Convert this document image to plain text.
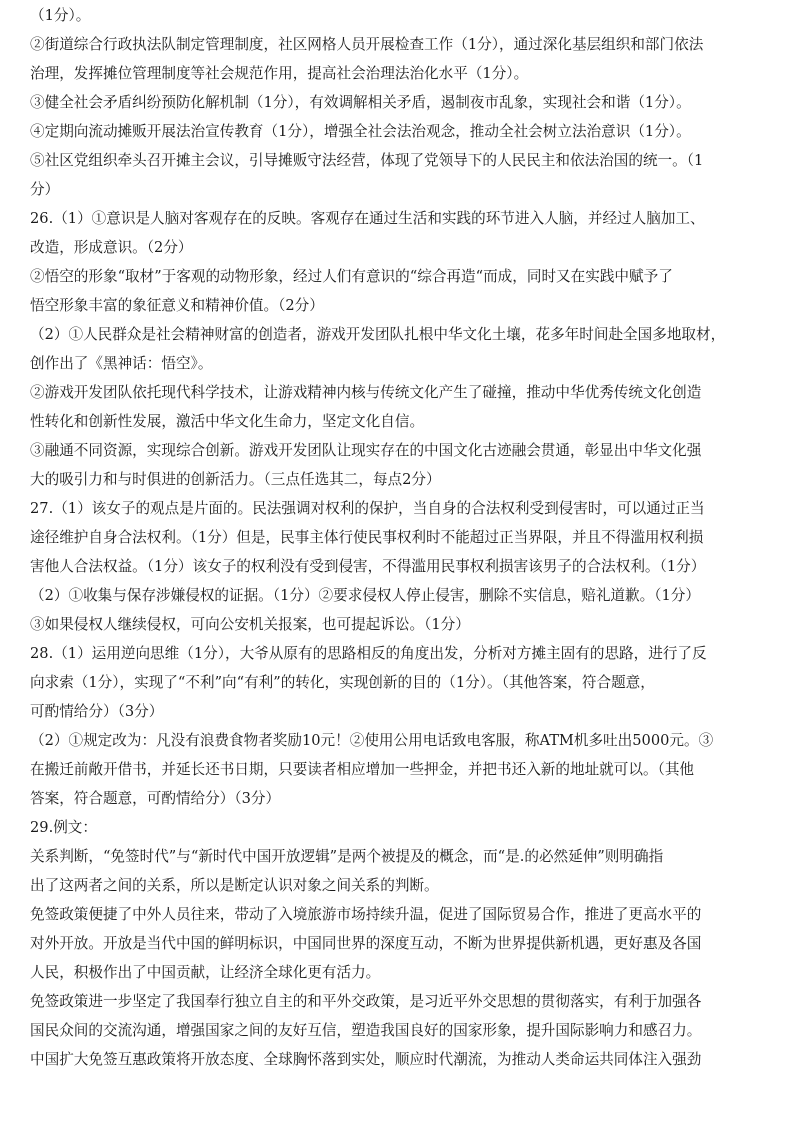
（1分）。
②街道综合行政执法队制定管理制度，社区网格人员开展检查工作（1分），通过深化基层组织和部门依法
治理，发挥摊位管理制度等社会规范作用，提高社会治理法治化水平（1分）。
③健全社会矛盾纠纷预防化解机制（1分），有效调解相关矛盾，遏制夜市乱象，实现社会和谐（1分）。
④定期向流动摊贩开展法治宣传教育（1分），增强全社会法治观念，推动全社会树立法治意识（1分）。
⑤社区党组织牵头召开摊主会议，引导摊贩守法经营，体现了党领导下的人民民主和依法治国的统一。（1
分）
26.（1）①意识是人脑对客观存在的反映。客观存在通过生活和实践的环节进入人脑，并经过人脑加工、
改造，形成意识。（2分）
②悟空的形象“取材”于客观的动物形象，经过人们有意识的“综合再造“而成，同时又在实践中赋予了
悟空形象丰富的象征意义和精神价值。（2分）
（2）①人民群众是社会精神财富的创造者，游戏开发团队扎根中华文化土壤，花多年时间赴全国多地取材，
创作出了《黑神话：悟空》。
②游戏开发团队依托现代科学技术，让游戏精神内核与传统文化产生了碰撞，推动中华优秀传统文化创造
性转化和创新性发展，激活中华文化生命力，坚定文化自信。
③融通不同资源，实现综合创新。游戏开发团队让现实存在的中国文化古迹融会贯通，彰显出中华文化强
大的吸引力和与时俱进的创新活力。（三点任选其二，每点2分）
27.（1）该女子的观点是片面的。民法强调对权利的保护，当自身的合法权利受到侵害时，可以通过正当
途径维护自身合法权利。（1分）但是，民事主体行使民事权利时不能超过正当界限，并且不得滥用权利损
害他人合法权益。（1分）该女子的权利没有受到侵害，不得滥用民事权利损害该男子的合法权利。（1分）
（2）①收集与保存涉嫌侵权的证据。（1分）②要求侵权人停止侵害，删除不实信息，赔礼道歉。（1分）
③如果侵权人继续侵权，可向公安机关报案，也可提起诉讼。（1分）
28.（1）运用逆向思维（1分），大爷从原有的思路相反的角度出发，分析对方摊主固有的思路，进行了反
向求索（1分），实现了“不利”向“有利”的转化，实现创新的目的（1分）。（其他答案，符合题意，
可酌情给分）（3分）
（2）①规定改为：凡没有浪费食物者奖励10元！②使用公用电话致电客服，称ATM机多吐出5000元。③
在搬迁前敞开借书，并延长还书日期，只要读者相应增加一些押金，并把书还入新的地址就可以。（其他
答案，符合题意，可酌情给分）（3分）
29.例文：
关系判断，“免签时代”与“新时代中国开放逻辑”是两个被提及的概念，而“是.的必然延伸”则明确指
出了这两者之间的关系，所以是断定认识对象之间关系的判断。
免签政策便捷了中外人员往来，带动了入境旅游市场持续升温，促进了国际贸易合作，推进了更高水平的
对外开放。开放是当代中国的鲜明标识，中国同世界的深度互动，不断为世界提供新机遇，更好惠及各国
人民，积极作出了中国贡献，让经济全球化更有活力。
免签政策进一步坚定了我国奉行独立自主的和平外交政策，是习近平外交思想的贯彻落实，有利于加强各
国民众间的交流沟通，增强国家之间的友好互信，塑造我国良好的国家形象，提升国际影响力和感召力。
中国扩大免签互惠政策将开放态度、全球胸怀落到实处，顺应时代潮流，为推动人类命运共同体注入强劲
